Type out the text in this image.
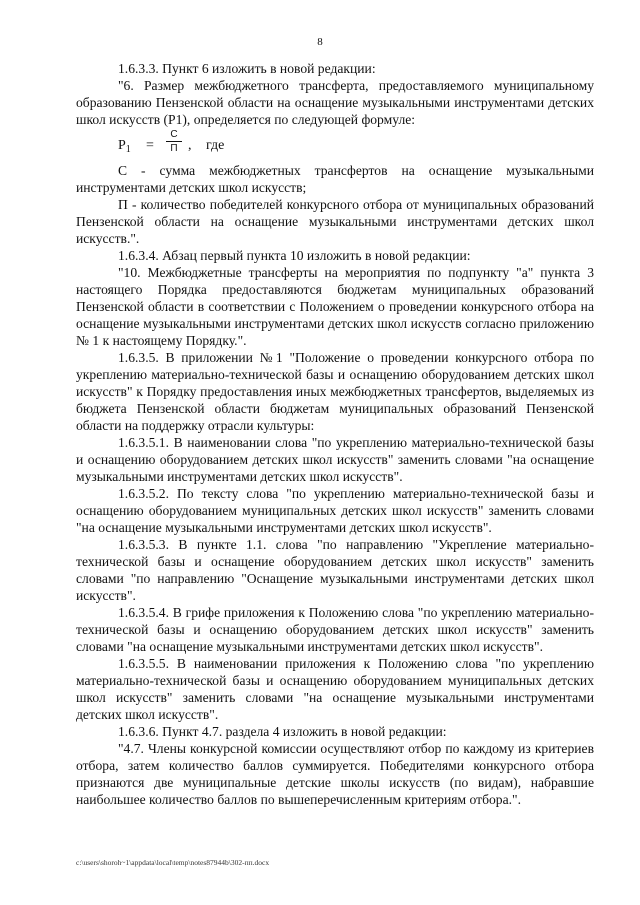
8

1.6.3.3. Пункт 6 изложить в новой редакции:

"6. Размер межбюджетного трансферта, предоставляемого муниципальному образованию Пензенской области на оснащение музыкальными инструментами детских школ искусств (P1), определяется по следующей формуле:

$P_1$ =
C
П , где

С - сумма межбюджетных трансфертов на оснащение музыкальными инструментами детских школ искусств;

П - количество победителей конкурсного отбора от муниципальных образований Пензенской области на оснащение музыкальными инструментами детских школ искусств.".

1.6.3.4. Абзац первый пункта 10 изложить в новой редакции:

"10. Межбюджетные трансферты на мероприятия по подпункту "а" пункта 3 настоящего Порядка предоставляются бюджетам муниципальных образований Пензенской области в соответствии с Положением о проведении конкурсного отбора на оснащение музыкальными инструментами детских школ искусств согласно приложению № 1 к настоящему Порядку.".

1.6.3.5. В приложении №1 "Положение о проведении конкурсного отбора по укреплению материально-технической базы и оснащению оборудованием детских школ искусств" к Порядку предоставления иных межбюджетных трансфертов, выделяемых из бюджета Пензенской области бюджетам муниципальных образований Пензенской области на поддержку отрасли культуры:

1.6.3.5.1. В наименовании слова "по укреплению материально-технической базы и оснащению оборудованием детских школ искусств" заменить словами "на оснащение музыкальными инструментами детских школ искусств".

1.6.3.5.2. По тексту слова "по укреплению материально-технической базы и оснащению оборудованием муниципальных детских школ искусств" заменить словами "на оснащение музыкальными инструментами детских школ искусств".

1.6.3.5.3. В пункте 1.1. слова "по направлению "Укрепление материально-технической базы и оснащение оборудованием детских школ искусств" заменить словами "по направлению "Оснащение музыкальными инструментами детских школ искусств".

1.6.3.5.4. В грифе приложения к Положению слова "по укреплению материально-технической базы и оснащению оборудованием детских школ искусств" заменить словами "на оснащение музыкальными инструментами детских школ искусств".

1.6.3.5.5. В наименовании приложения к Положению слова "по укреплению материально-технической базы и оснащению оборудованием муниципальных детских школ искусств" заменить словами "на оснащение музыкальными инструментами детских школ искусств".

1.6.3.6. Пункт 4.7. раздела 4 изложить в новой редакции:

"4.7. Члены конкурсной комиссии осуществляют отбор по каждому из критериев отбора, затем количество баллов суммируется. Победителями конкурсного отбора признаются две муниципальные детские школы искусств (по видам), набравшие наибольшее количество баллов по вышеперечисленным критериям отбора.".

c:\users\shoroh~1\appdata\local\temp\notes87944b\302-пп.docx
